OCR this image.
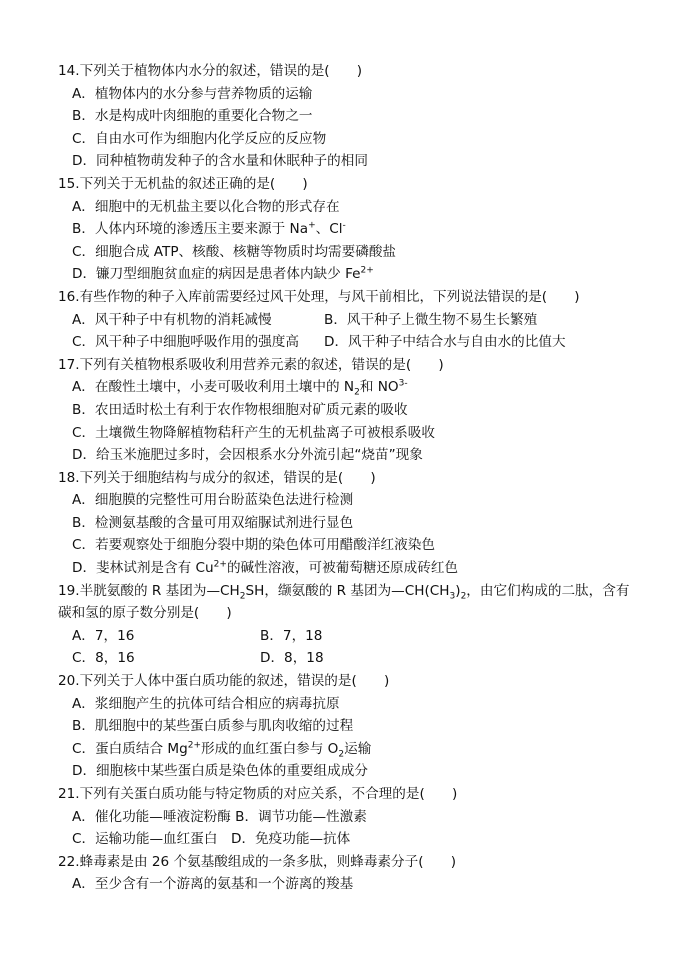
14.下列关于植物体内水分的叙述，错误的是(　　)
A．植物体内的水分参与营养物质的运输
B．水是构成叶肉细胞的重要化合物之一
C．自由水可作为细胞内化学反应的反应物
D．同种植物萌发种子的含水量和休眠种子的相同
15.下列关于无机盐的叙述正确的是(　　)
A．细胞中的无机盐主要以化合物的形式存在
B．人体内环境的渗透压主要来源于 Na+、Cl-
C．细胞合成 ATP、核酸、核糖等物质时均需要磷酸盐
D．镰刀型细胞贫血症的病因是患者体内缺少 $Fe^{2+}$
16.有些作物的种子入库前需要经过风干处理，与风干前相比，下列说法错误的是(　　)
A．风干种子中有机物的消耗减慢	B．风干种子上微生物不易生长繁殖
C．风干种子中细胞呼吸作用的强度高	D．风干种子中结合水与自由水的比值大
17.下列有关植物根系吸收利用营养元素的叙述，错误的是(　　)
A．在酸性土壤中，小麦可吸收利用土壤中的 $N_2$和 $NO^{3-}$
B．农田适时松土有利于农作物根细胞对矿质元素的吸收
C．土壤微生物降解植物秸秆产生的无机盐离子可被根系吸收
D．给玉米施肥过多时，会因根系水分外流引起“烧苗”现象
18.下列关于细胞结构与成分的叙述，错误的是(　　)
A．细胞膜的完整性可用台盼蓝染色法进行检测
B．检测氨基酸的含量可用双缩脲试剂进行显色
C．若要观察处于细胞分裂中期的染色体可用醋酸洋红液染色
D．斐林试剂是含有 $Cu^{2+}$的碱性溶液，可被葡萄糖还原成砖红色
19.半胱氨酸的 R 基团为$—CH_2SH$，缬氨酸的 R 基团为$—CH(CH_3)_2$，由它们构成的二肽，含有碳和氢的原子数分别是(　　)
A．7，16	B．7，18
C．8，16	D．8，18
20.下列关于人体中蛋白质功能的叙述，错误的是(　　)
A．浆细胞产生的抗体可结合相应的病毒抗原
B．肌细胞中的某些蛋白质参与肌肉收缩的过程
C．蛋白质结合 $Mg^{2+}$形成的血红蛋白参与 $O_2$运输
D．细胞核中某些蛋白质是染色体的重要组成成分
21.下列有关蛋白质功能与特定物质的对应关系，不合理的是(　　)
A．催化功能—唾液淀粉酶 B．调节功能—性激素
C．运输功能—血红蛋白　D．免疫功能—抗体
22.蜂毒素是由 26 个氨基酸组成的一条多肽，则蜂毒素分子(　　)
A．至少含有一个游离的氨基和一个游离的羧基
